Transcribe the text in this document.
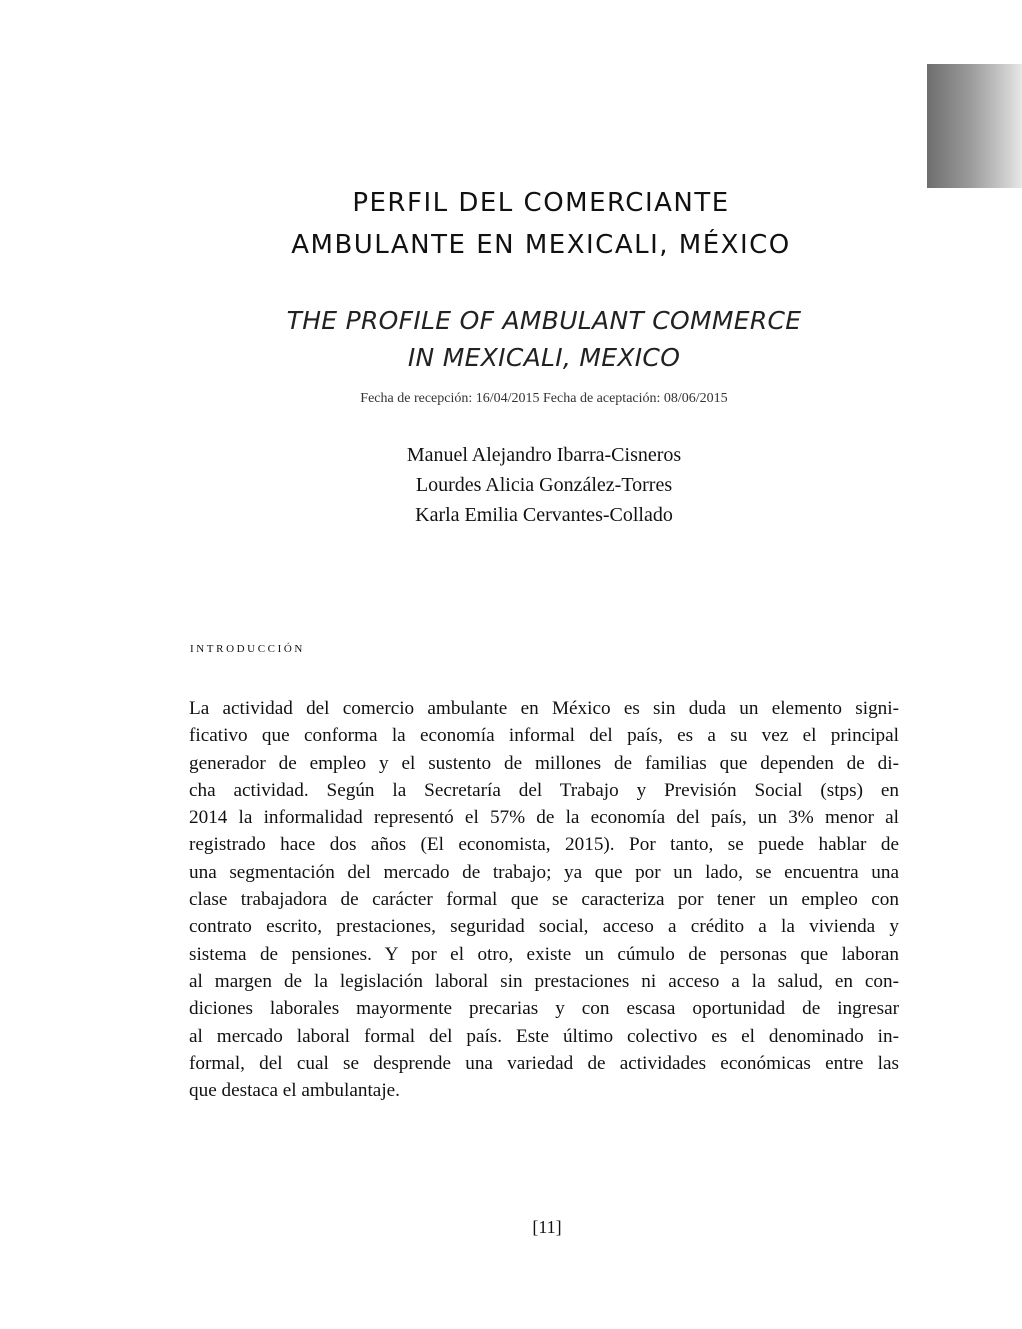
PERFIL DEL COMERCIANTE
AMBULANTE EN MEXICALI, MÉXICO
THE PROFILE OF AMBULANT COMMERCE
IN MEXICALI, MEXICO
Fecha de recepción: 16/04/2015 Fecha de aceptación: 08/06/2015
Manuel Alejandro Ibarra-Cisneros
Lourdes Alicia González-Torres
Karla Emilia Cervantes-Collado
introducción

La actividad del comercio ambulante en México es sin duda un elemento signi-
ficativo que conforma la economía informal del país, es a su vez el principal
generador de empleo y el sustento de millones de familias que dependen de di-
cha actividad. Según la Secretaría del Trabajo y Previsión Social (stps) en
2014 la informalidad representó el 57% de la economía del país, un 3% menor al
registrado hace dos años (El economista, 2015). Por tanto, se puede hablar de
una segmentación del mercado de trabajo; ya que por un lado, se encuentra una
clase trabajadora de carácter formal que se caracteriza por tener un empleo con
contrato escrito, prestaciones, seguridad social, acceso a crédito a la vivienda y
sistema de pensiones. Y por el otro, existe un cúmulo de personas que laboran
al margen de la legislación laboral sin prestaciones ni acceso a la salud, en con-
diciones laborales mayormente precarias y con escasa oportunidad de ingresar
al mercado laboral formal del país. Este último colectivo es el denominado in-
formal, del cual se desprende una variedad de actividades económicas entre las
que destaca el ambulantaje.

[11]
